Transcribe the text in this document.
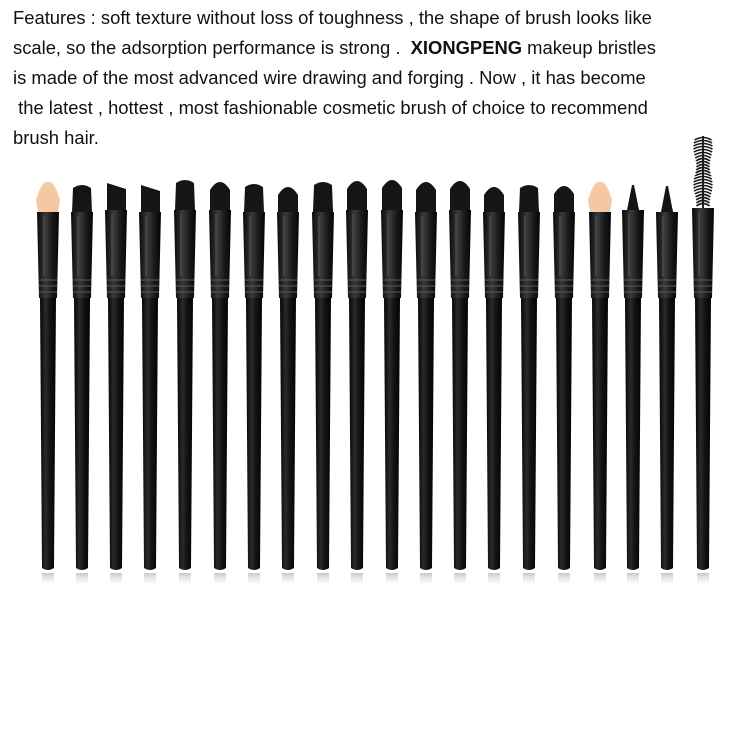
Features : soft texture without loss of toughness , the shape of brush looks like
scale, so the adsorption performance is strong .  XIONGPENG makeup bristles
is made of the most advanced wire drawing and forging . Now , it has become
the latest , hottest , most fashionable cosmetic brush of choice to recommend
brush hair.
